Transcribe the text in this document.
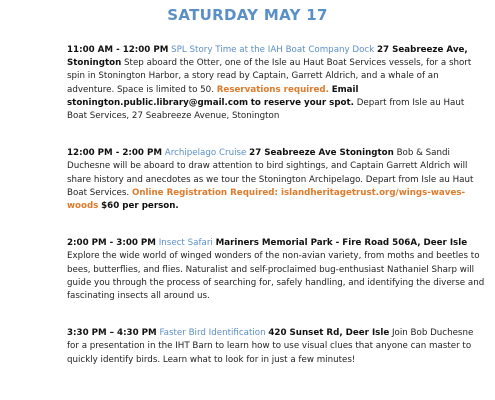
SATURDAY MAY 17
11:00 AM - 12:00 PM SPL Story Time at the IAH Boat Company Dock 27 Seabreeze Ave, Stonington Step aboard the Otter, one of the Isle au Haut Boat Services vessels, for a short spin in Stonington Harbor, a story read by Captain, Garrett Aldrich, and a whale of an adventure. Space is limited to 50. Reservations required. Email stonington.public.library@gmail.com to reserve your spot. Depart from Isle au Haut Boat Services, 27 Seabreeze Avenue, Stonington
12:00 PM - 2:00 PM Archipelago Cruise 27 Seabreeze Ave Stonington Bob & Sandi Duchesne will be aboard to draw attention to bird sightings, and Captain Garrett Aldrich will share history and anecdotes as we tour the Stonington Archipelago. Depart from Isle au Haut Boat Services. Online Registration Required: islandheritagetrust.org/wings-waves-woods $60 per person.
2:00 PM - 3:00 PM Insect Safari Mariners Memorial Park - Fire Road 506A, Deer Isle Explore the wide world of winged wonders of the non-avian variety, from moths and beetles to bees, butterflies, and flies. Naturalist and self-proclaimed bug-enthusiast Nathaniel Sharp will guide you through the process of searching for, safely handling, and identifying the diverse and fascinating insects all around us.
3:30 PM – 4:30 PM Faster Bird Identification 420 Sunset Rd, Deer Isle Join Bob Duchesne for a presentation in the IHT Barn to learn how to use visual clues that anyone can master to quickly identify birds. Learn what to look for in just a few minutes!
